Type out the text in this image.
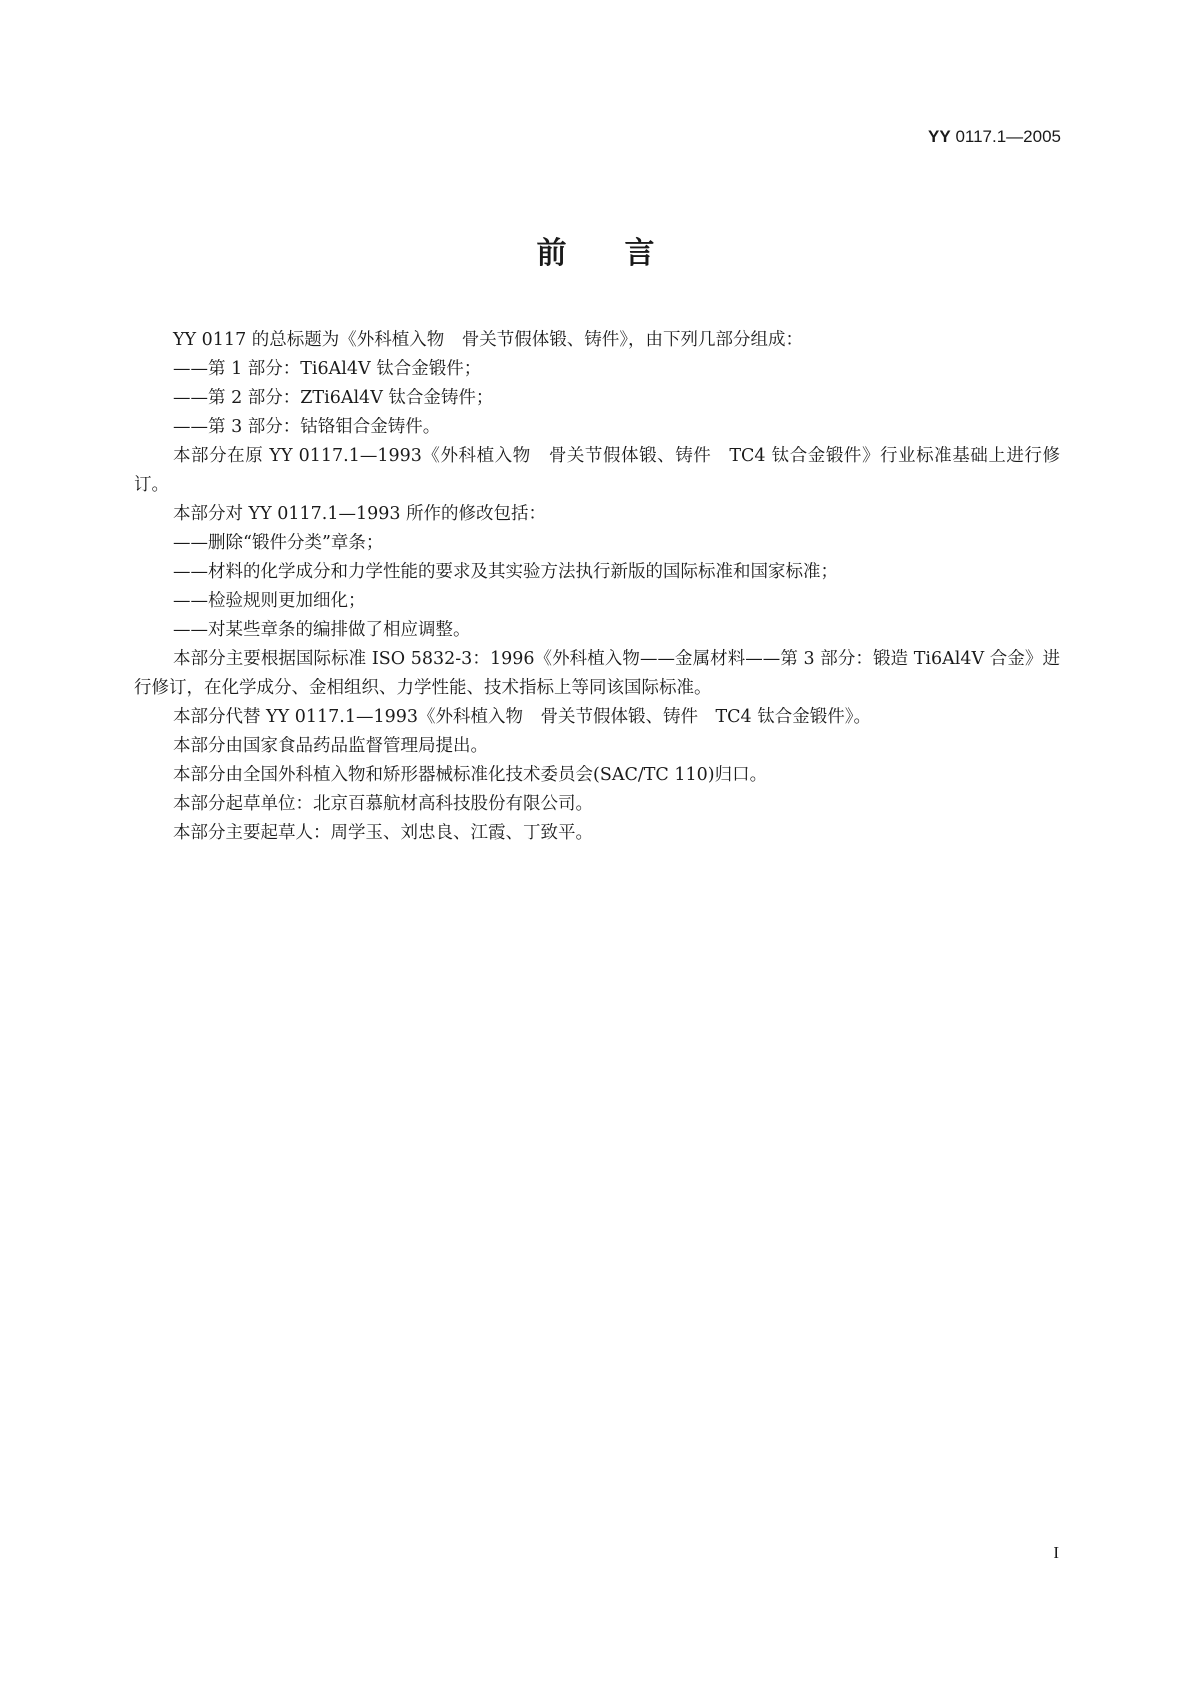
YY 0117.1—2005
前言

YY 0117 的总标题为《外科植入物　骨关节假体锻、铸件》，由下列几部分组成：

——第 1 部分：Ti6Al4V 钛合金锻件；

——第 2 部分：ZTi6Al4V 钛合金铸件；

——第 3 部分：钴铬钼合金铸件。

本部分在原 YY 0117.1—1993《外科植入物　骨关节假体锻、铸件　TC4 钛合金锻件》行业标准基础上进行修订。

本部分对 YY 0117.1—1993 所作的修改包括：

——删除“锻件分类”章条；

——材料的化学成分和力学性能的要求及其实验方法执行新版的国际标准和国家标准；

——检验规则更加细化；

——对某些章条的编排做了相应调整。

本部分主要根据国际标准 ISO 5832-3：1996《外科植入物——金属材料——第 3 部分：锻造 Ti6Al4V 合金》进行修订，在化学成分、金相组织、力学性能、技术指标上等同该国际标准。

本部分代替 YY 0117.1—1993《外科植入物　骨关节假体锻、铸件　TC4 钛合金锻件》。

本部分由国家食品药品监督管理局提出。

本部分由全国外科植入物和矫形器械标准化技术委员会(SAC/TC 110)归口。

本部分起草单位：北京百慕航材高科技股份有限公司。

本部分主要起草人：周学玉、刘忠良、江霞、丁致平。

I
